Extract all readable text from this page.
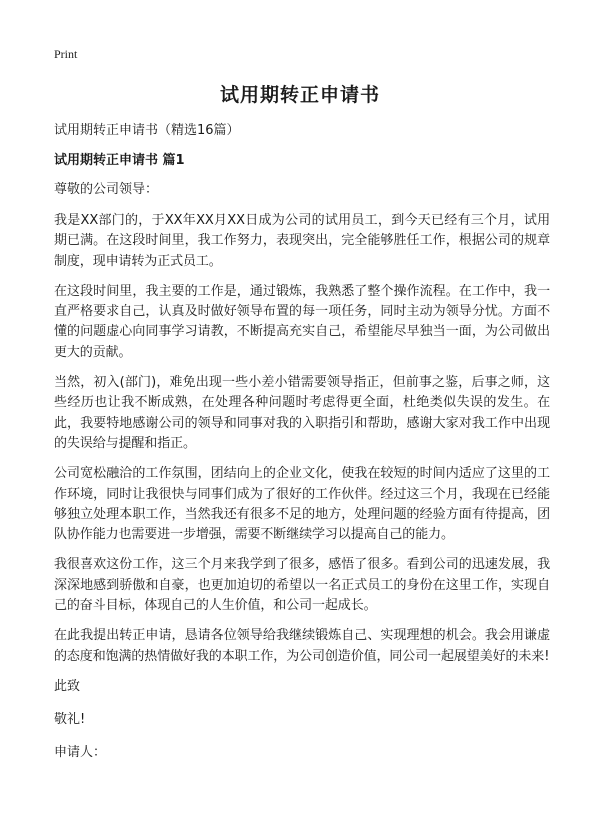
Print
试用期转正申请书

试用期转正申请书（精选16篇）

试用期转正申请书 篇1

尊敬的公司领导：

我是XX部门的，于XX年XX月XX日成为公司的试用员工，到今天已经有三个月，试用期已满。在这段时间里，我工作努力，表现突出，完全能够胜任工作，根据公司的规章制度，现申请转为正式员工。

在这段时间里，我主要的工作是，通过锻炼，我熟悉了整个操作流程。在工作中，我一直严格要求自己，认真及时做好领导布置的每一项任务，同时主动为领导分忧。方面不懂的问题虚心向同事学习请教，不断提高充实自己，希望能尽早独当一面，为公司做出更大的贡献。

当然，初入(部门)，难免出现一些小差小错需要领导指正，但前事之鉴，后事之师，这些经历也让我不断成熟，在处理各种问题时考虑得更全面，杜绝类似失误的发生。在此，我要特地感谢公司的领导和同事对我的入职指引和帮助，感谢大家对我工作中出现的失误给与提醒和指正。

公司宽松融洽的工作氛围，团结向上的企业文化，使我在较短的时间内适应了这里的工作环境，同时让我很快与同事们成为了很好的工作伙伴。经过这三个月，我现在已经能够独立处理本职工作，当然我还有很多不足的地方，处理问题的经验方面有待提高，团队协作能力也需要进一步增强，需要不断继续学习以提高自己的能力。

我很喜欢这份工作，这三个月来我学到了很多，感悟了很多。看到公司的迅速发展，我深深地感到骄傲和自豪，也更加迫切的希望以一名正式员工的身份在这里工作，实现自己的奋斗目标，体现自己的人生价值，和公司一起成长。

在此我提出转正申请，恳请各位领导给我继续锻炼自己、实现理想的机会。我会用谦虚的态度和饱满的热情做好我的本职工作，为公司创造价值，同公司一起展望美好的未来!

此致

敬礼!

申请人：
